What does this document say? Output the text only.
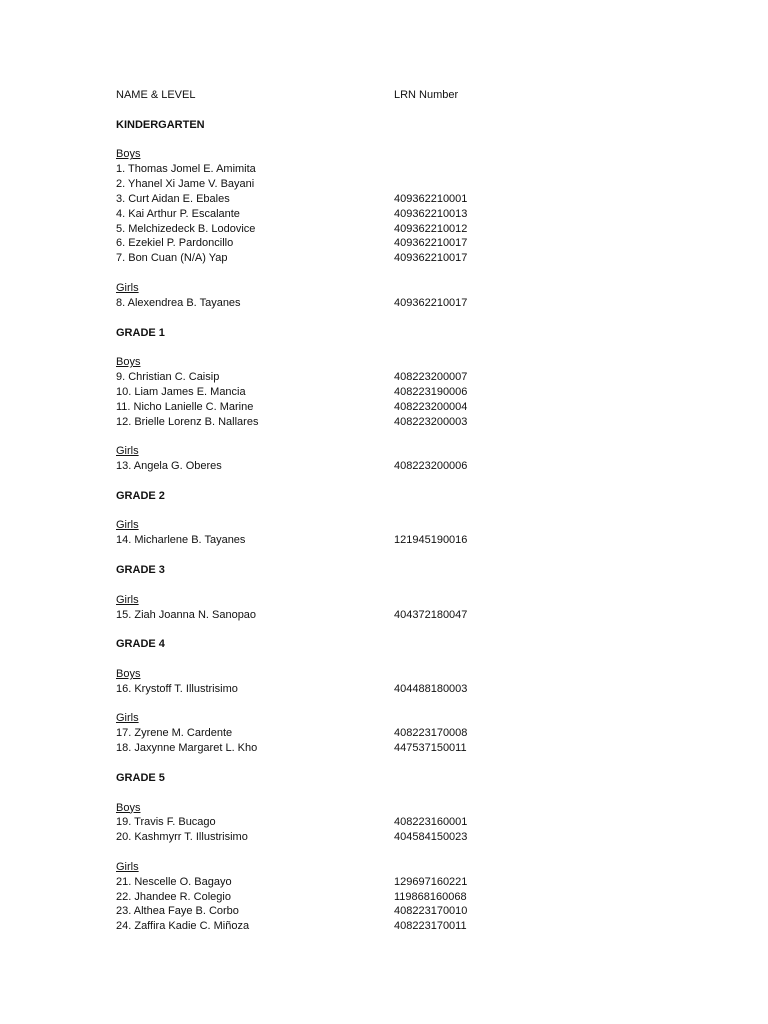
NAME & LEVEL	LRN Number
KINDERGARTEN
Boys
1. Thomas Jomel E. Amimita
2. Yhanel Xi Jame V. Bayani
3. Curt Aidan E. Ebales	409362210001
4. Kai Arthur P. Escalante	409362210013
5. Melchizedeck B. Lodovice	409362210012
6. Ezekiel P. Pardoncillo	409362210017
7. Bon Cuan (N/A) Yap	409362210017
Girls
8. Alexendrea B. Tayanes	409362210017
GRADE 1
Boys
9. Christian C. Caisip	408223200007
10. Liam James E. Mancia	408223190006
11. Nicho Lanielle C. Marine	408223200004
12. Brielle Lorenz B. Nallares	408223200003
Girls
13. Angela G. Oberes	408223200006
GRADE 2
Girls
14. Micharlene B. Tayanes	121945190016
GRADE 3
Girls
15. Ziah Joanna N. Sanopao	404372180047
GRADE 4
Boys
16. Krystoff T. Illustrisimo	404488180003
Girls
17. Zyrene M. Cardente	408223170008
18. Jaxynne Margaret L. Kho	447537150011
GRADE 5
Boys
19. Travis F. Bucago	408223160001
20. Kashmyrr T. Illustrisimo	404584150023
Girls
21. Nescelle O. Bagayo	129697160221
22. Jhandee R. Colegio	119868160068
23. Althea Faye B. Corbo	408223170010
24. Zaffira Kadie C. Miñoza	408223170011
